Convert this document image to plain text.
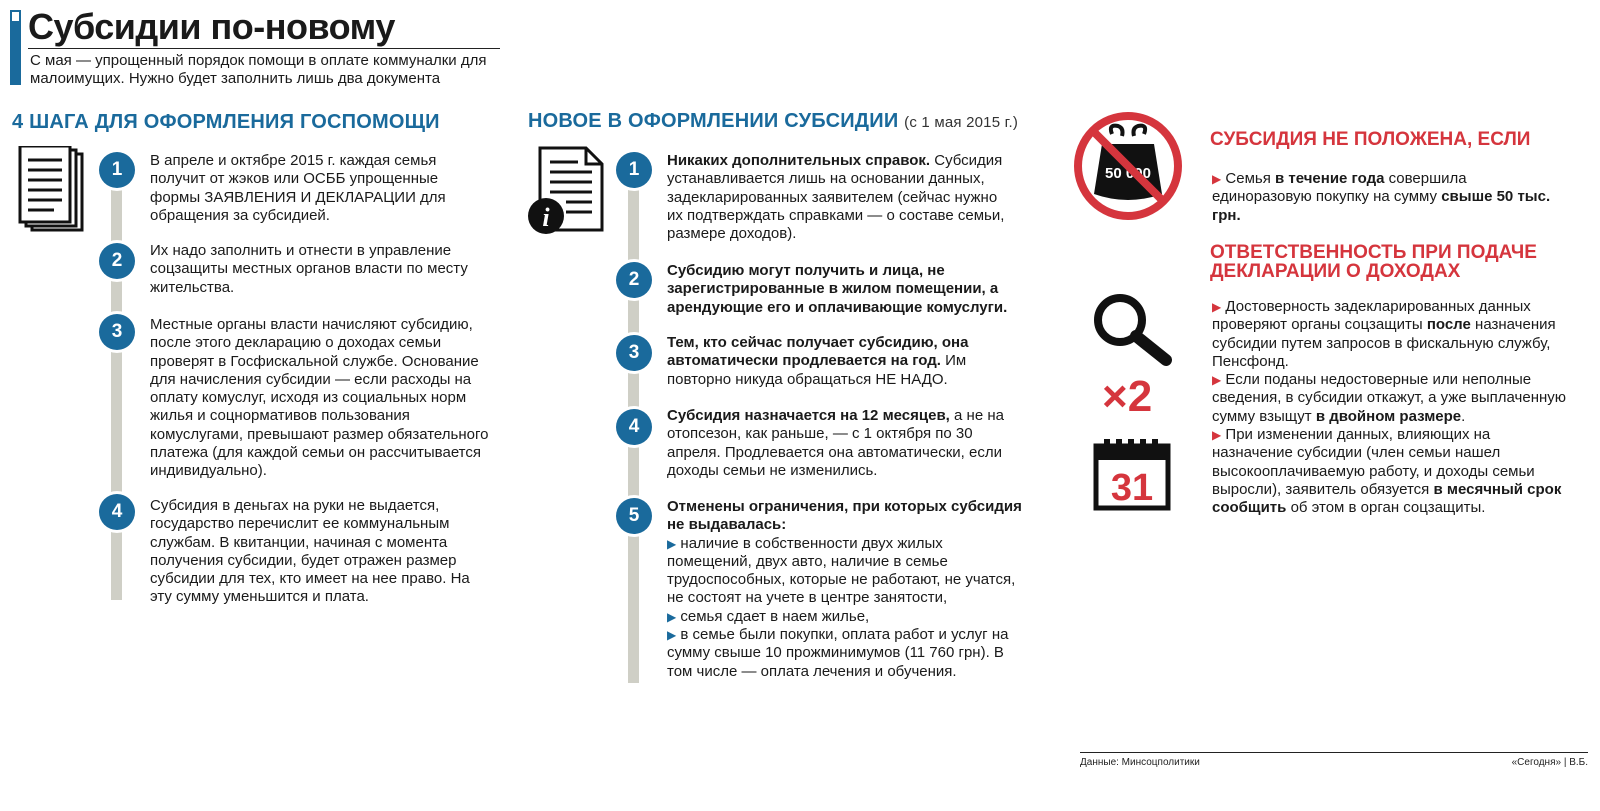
Субсидии по-новому
С мая — упрощенный порядок помощи в оплате коммуналки для малоимущих. Нужно будет заполнить лишь два документа
4 ШАГА ДЛЯ ОФОРМЛЕНИЯ ГОСПОМОЩИ
1	В апреле и октябре 2015 г. каждая семья получит от жэков или ОСББ упрощенные формы ЗАЯВЛЕНИЯ И ДЕКЛАРАЦИИ для обращения за субсидией.
2	Их надо заполнить и отнести в управление соцзащиты местных органов власти по месту жительства.
3	Местные органы власти начисляют субсидию, после этого декларацию о доходах семьи проверят в Госфискальной службе. Основание для начисления субсидии — если расходы на оплату комуслуг, исходя из социальных норм жилья и соцнормативов пользования комуслугами, превышают размер обязательного платежа (для каждой семьи он рассчитывается индивидуально).
4	Субсидия в деньгах на руки не выдается, государство перечислит ее коммунальным службам. В квитанции, начиная с момента получения субсидии, будет отражен размер субсидии для тех, кто имеет на нее право. На эту сумму уменьшится и плата.
НОВОЕ В ОФОРМЛЕНИИ СУБСИДИИ (с 1 мая 2015 г.)
i
1	Никаких дополнительных справок. Субсидия устанавливается лишь на основании данных, задекларированных заявителем (сейчас нужно их подтверждать справками — о составе семьи, размере доходов).
2	Субсидию могут получить и лица, не зарегистрированные в жилом помещении, а арендующие его и оплачивающие комуслуги.
3	Тем, кто сейчас получает субсидию, она автоматически продлевается на год. Им повторно никуда обращаться НЕ НАДО.
4
Субсидия назначается на 12 месяцев, а не на отопсезон, как раньше, — с 1 октября по 30 апреля. Продлевается она автоматически, если доходы семьи не изменились.
5	Отменены ограничения, при которых субсидия не выдавалась:
▶ наличие в собственности двух жилых помещений, двух авто, наличие в семье трудоспособных, которые не работают, не учатся, не состоят на учете в центре занятости,
▶ семья сдает в наем жилье,
▶ в семье были покупки, оплата работ и услуг на сумму свыше 10 прожминимумов (11 760 грн). В том числе — оплата лечения и обучения.
50 000
СУБСИДИЯ НЕ ПОЛОЖЕНА, ЕСЛИ
▶ Семья в течение года совершила единоразовую покупку на сумму свыше 50 тыс. грн.
ОТВЕТСТВЕННОСТЬ ПРИ ПОДАЧЕ ДЕКЛАРАЦИИ О ДОХОДАХ
×2
31
▶ Достоверность задекларированных данных проверяют органы соцзащиты после назначения субсидии путем запросов в фискальную службу, Пенсфонд.
▶ Если поданы недостоверные или неполные сведения, в субсидии откажут, а уже выплаченную сумму взыщут в двойном размере.
▶ При изменении данных, влияющих на назначение субсидии (член семьи нашел высокооплачиваемую работу, и доходы семьи выросли), заявитель обязуется в месячный срок сообщить об этом в орган соцзащиты.
Данные: Минсоцполитики	«Сегодня» | В.Б.
